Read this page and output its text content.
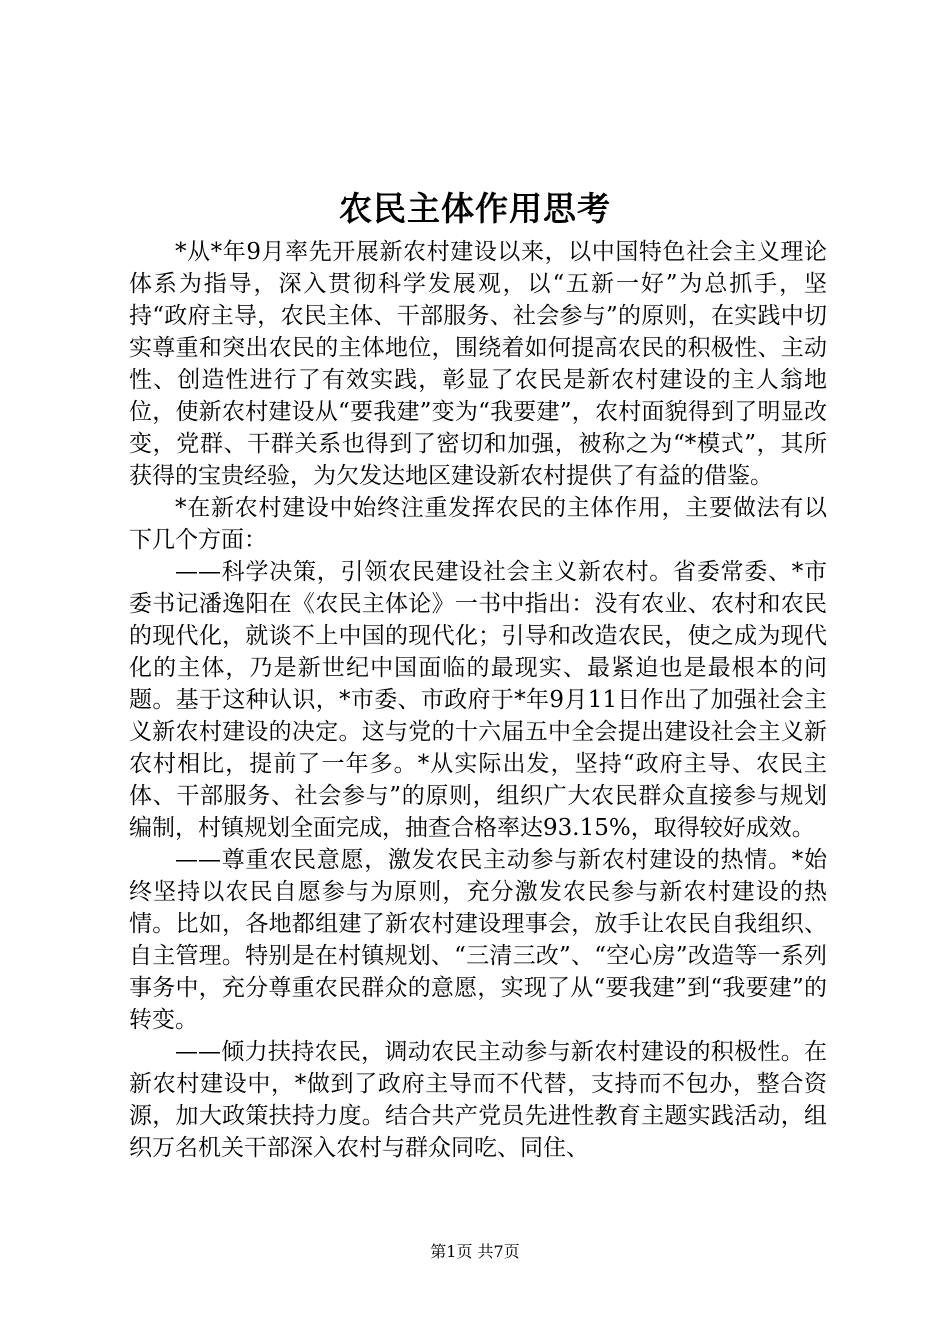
农民主体作用思考

*从*年9月率先开展新农村建设以来，以中国特色社会主义理论体系为指导，深入贯彻科学发展观，以“五新一好”为总抓手，坚持“政府主导，农民主体、干部服务、社会参与”的原则，在实践中切实尊重和突出农民的主体地位，围绕着如何提高农民的积极性、主动性、创造性进行了有效实践，彰显了农民是新农村建设的主人翁地位，使新农村建设从“要我建”变为“我要建”，农村面貌得到了明显改变，党群、干群关系也得到了密切和加强，被称之为“*模式”，其所获得的宝贵经验，为欠发达地区建设新农村提供了有益的借鉴。

*在新农村建设中始终注重发挥农民的主体作用，主要做法有以下几个方面：

——科学决策，引领农民建设社会主义新农村。省委常委、*市委书记潘逸阳在《农民主体论》一书中指出：没有农业、农村和农民的现代化，就谈不上中国的现代化；引导和改造农民，使之成为现代化的主体，乃是新世纪中国面临的最现实、最紧迫也是最根本的问题。基于这种认识，*市委、市政府于*年9月11日作出了加强社会主义新农村建设的决定。这与党的十六届五中全会提出建设社会主义新农村相比，提前了一年多。*从实际出发，坚持“政府主导、农民主体、干部服务、社会参与”的原则，组织广大农民群众直接参与规划编制，村镇规划全面完成，抽查合格率达93.15%，取得较好成效。

——尊重农民意愿，激发农民主动参与新农村建设的热情。*始终坚持以农民自愿参与为原则，充分激发农民参与新农村建设的热情。比如，各地都组建了新农村建设理事会，放手让农民自我组织、自主管理。特别是在村镇规划、“三清三改”、“空心房”改造等一系列事务中，充分尊重农民群众的意愿，实现了从“要我建”到“我要建”的转变。

——倾力扶持农民，调动农民主动参与新农村建设的积极性。在新农村建设中，*做到了政府主导而不代替，支持而不包办，整合资源，加大政策扶持力度。结合共产党员先进性教育主题实践活动，组织万名机关干部深入农村与群众同吃、同住、

第1页 共7页
